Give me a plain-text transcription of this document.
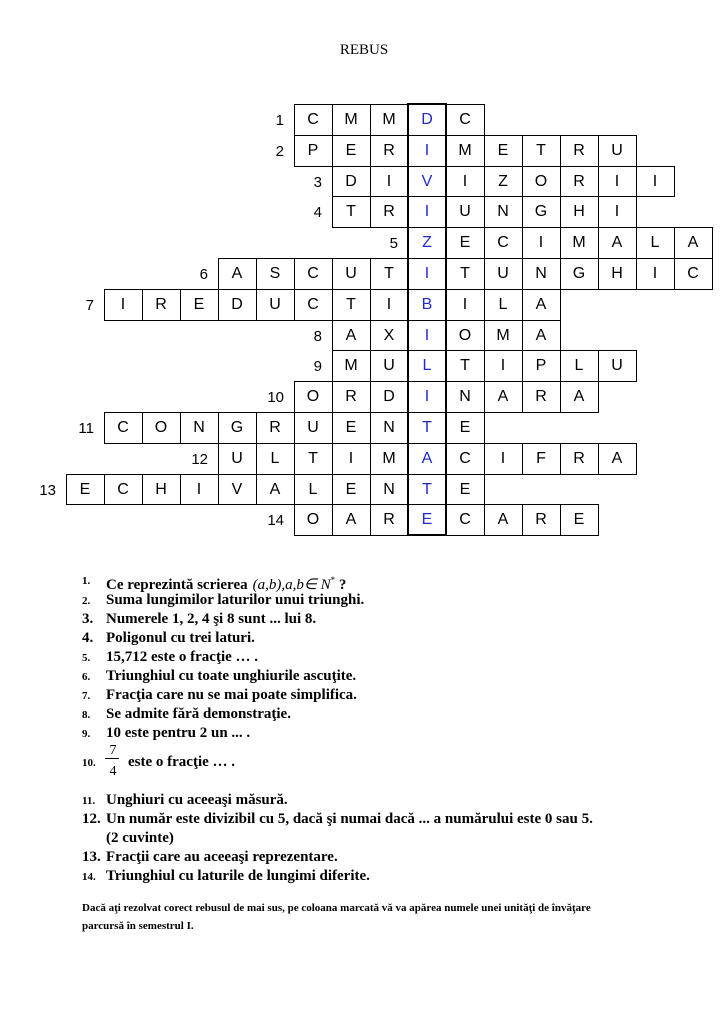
REBUS
1	C	M	M	D	C
2	P	E	R	I	M	E	T	R	U
3	D	I	V	I	Z	O	R	I	I
4	T	R	I	U	N	G	H	I
5	Z	E	C	I	M	A	L	A
6	A	S	C	U	T	I	T	U	N	G	H	I	C
7	I	R	E	D	U	C	T	I	B	I	L	A
8	A	X	I	O	M	A
9	M	U	L	T	I	P	L	U
10	O	R	D	I	N	A	R	A
11	C	O	N	G	R	U	E	N	T	E
12	U	L	T	I	M	A	C	I	F	R	A
13	E	C	H	I	V	A	L	E	N	T	E
14	O	A	R	E	C	A	R	E
1. Ce reprezintă scrierea (a,b),a,b∈ N* ?
2. Suma lungimilor laturilor unui triunghi.
3. Numerele 1, 2, 4 şi 8 sunt ... lui 8.
4. Poligonul cu trei laturi.
5. 15,712 este o fracţie … .
6. Triunghiul cu toate unghiurile ascuţite.
7. Fracţia care nu se mai poate simplifica.
8. Se admite fără demonstraţie.
9. 10 este pentru 2 un ... .
10.
7
4
este o fracţie … .
11. Unghiuri cu aceeaşi măsură.
12. Un număr este divizibil cu 5, dacă şi numai dacă ... a numărului este 0 sau 5.
(2 cuvinte)
13. Fracţii care au aceeaşi reprezentare.
14. Triunghiul cu laturile de lungimi diferite.
Dacă aţi rezolvat corect rebusul de mai sus, pe coloana marcată vă va apărea numele unei unităţi de învăţare
parcursă în semestrul I.
